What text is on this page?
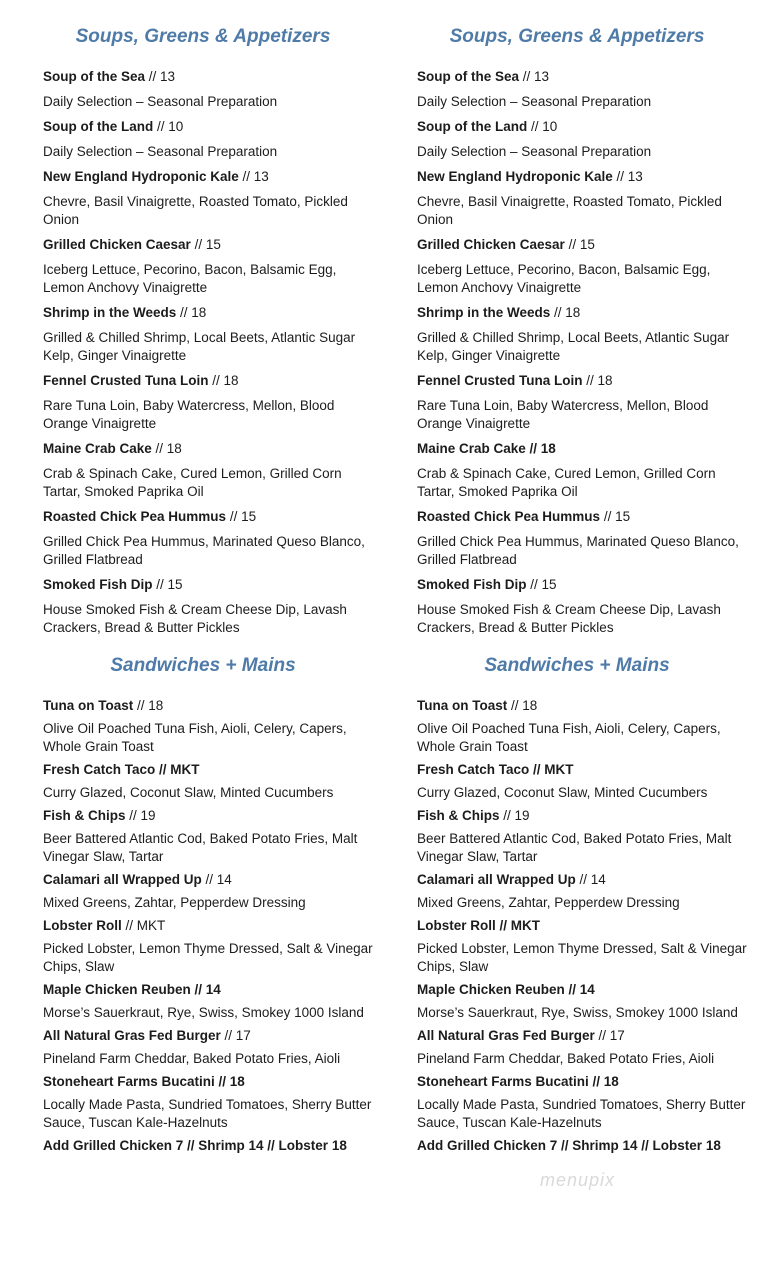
Soups, Greens & Appetizers
Soup of the Sea // 13
Daily Selection – Seasonal Preparation
Soup of the Land // 10
Daily Selection – Seasonal Preparation
New England Hydroponic Kale // 13
Chevre, Basil Vinaigrette, Roasted Tomato, Pickled Onion
Grilled Chicken Caesar // 15
Iceberg Lettuce, Pecorino, Bacon, Balsamic Egg, Lemon Anchovy Vinaigrette
Shrimp in the Weeds // 18
Grilled & Chilled Shrimp, Local Beets, Atlantic Sugar Kelp, Ginger Vinaigrette
Fennel Crusted Tuna Loin // 18
Rare Tuna Loin, Baby Watercress, Mellon, Blood Orange Vinaigrette
Maine Crab Cake // 18
Crab & Spinach Cake, Cured Lemon, Grilled Corn Tartar, Smoked Paprika Oil
Roasted Chick Pea Hummus // 15
Grilled Chick Pea Hummus, Marinated Queso Blanco, Grilled Flatbread
Smoked Fish Dip // 15
House Smoked Fish & Cream Cheese Dip, Lavash Crackers, Bread & Butter Pickles
Sandwiches + Mains
Tuna on Toast // 18
Olive Oil Poached Tuna Fish, Aioli, Celery, Capers, Whole Grain Toast
Fresh Catch Taco // MKT
Curry Glazed, Coconut Slaw, Minted Cucumbers
Fish & Chips // 19
Beer Battered Atlantic Cod, Baked Potato Fries, Malt Vinegar Slaw, Tartar
Calamari all Wrapped Up // 14
Mixed Greens, Zahtar, Pepperdew Dressing
Lobster Roll // MKT
Picked Lobster, Lemon Thyme Dressed, Salt & Vinegar Chips, Slaw
Maple Chicken Reuben // 14
Morse’s Sauerkraut, Rye, Swiss, Smokey 1000 Island
All Natural Gras Fed Burger // 17
Pineland Farm Cheddar, Baked Potato Fries, Aioli
Stoneheart Farms Bucatini // 18
Locally Made Pasta, Sundried Tomatoes, Sherry Butter Sauce, Tuscan Kale-Hazelnuts
Add Grilled Chicken 7 // Shrimp 14 // Lobster 18
Soups, Greens & Appetizers
Soup of the Sea // 13
Daily Selection – Seasonal Preparation
Soup of the Land // 10
Daily Selection – Seasonal Preparation
New England Hydroponic Kale // 13
Chevre, Basil Vinaigrette, Roasted Tomato, Pickled Onion
Grilled Chicken Caesar // 15
Iceberg Lettuce, Pecorino, Bacon, Balsamic Egg, Lemon Anchovy Vinaigrette
Shrimp in the Weeds // 18
Grilled & Chilled Shrimp, Local Beets, Atlantic Sugar Kelp, Ginger Vinaigrette
Fennel Crusted Tuna Loin // 18
Rare Tuna Loin, Baby Watercress, Mellon, Blood Orange Vinaigrette
Maine Crab Cake // 18
Crab & Spinach Cake, Cured Lemon, Grilled Corn Tartar, Smoked Paprika Oil
Roasted Chick Pea Hummus // 15
Grilled Chick Pea Hummus, Marinated Queso Blanco, Grilled Flatbread
Smoked Fish Dip // 15
House Smoked Fish & Cream Cheese Dip, Lavash Crackers, Bread & Butter Pickles
Sandwiches + Mains
Tuna on Toast // 18
Olive Oil Poached Tuna Fish, Aioli, Celery, Capers, Whole Grain Toast
Fresh Catch Taco // MKT
Curry Glazed, Coconut Slaw, Minted Cucumbers
Fish & Chips // 19
Beer Battered Atlantic Cod, Baked Potato Fries, Malt Vinegar Slaw, Tartar
Calamari all Wrapped Up // 14
Mixed Greens, Zahtar, Pepperdew Dressing
Lobster Roll // MKT
Picked Lobster, Lemon Thyme Dressed, Salt & Vinegar Chips, Slaw
Maple Chicken Reuben // 14
Morse’s Sauerkraut, Rye, Swiss, Smokey 1000 Island
All Natural Gras Fed Burger // 17
Pineland Farm Cheddar, Baked Potato Fries, Aioli
Stoneheart Farms Bucatini // 18
Locally Made Pasta, Sundried Tomatoes, Sherry Butter Sauce, Tuscan Kale-Hazelnuts
Add Grilled Chicken 7 // Shrimp 14 // Lobster 18
menupix
